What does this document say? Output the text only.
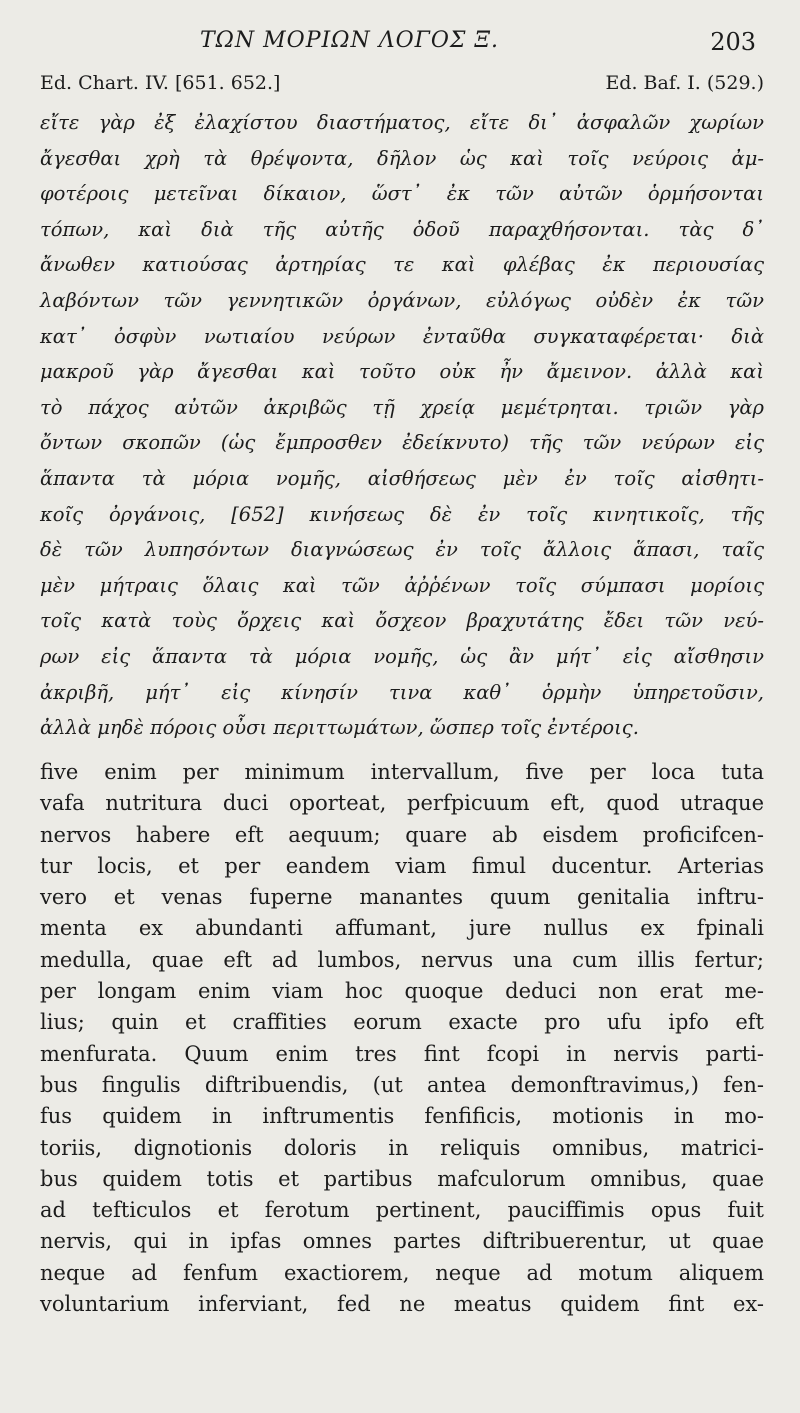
ΤΩΝ ΜΟΡΙΩΝ ΛΟΓΟΣ Ξ.	203
Ed. Chart. IV. [651. 652.]	Ed. Baf. I. (529.)
εἴτε γὰρ ἐξ ἐλαχίστου διαστήματος, εἴτε δι᾽ ἀσφαλῶν χωρίων
ἄγεσθαι χρὴ τὰ θρέψοντα, δῆλον ὡς καὶ τοῖς νεύροις ἀμ-
φοτέροις μετεῖναι δίκαιον, ὥστ᾽ ἐκ τῶν αὐτῶν ὁρμήσονται
τόπων, καὶ διὰ τῆς αὐτῆς ὁδοῦ παραχθήσονται. τὰς δ᾽
ἄνωθεν κατιούσας ἀρτηρίας τε καὶ φλέβας ἐκ περιουσίας
λαβόντων τῶν γεννητικῶν ὀργάνων, εὐλόγως οὐδὲν ἐκ τῶν
κατ᾽ ὀσφὺν νωτιαίου νεύρων ἐνταῦθα συγκαταφέρεται· διὰ
μακροῦ γὰρ ἄγεσθαι καὶ τοῦτο οὐκ ἦν ἄμεινον. ἀλλὰ καὶ
τὸ πάχος αὐτῶν ἀκριβῶς τῇ χρείᾳ μεμέτρηται. τριῶν γὰρ
ὄντων σκοπῶν (ὡς ἔμπροσθεν ἐδείκνυτο) τῆς τῶν νεύρων εἰς
ἅπαντα τὰ μόρια νομῆς, αἰσθήσεως μὲν ἐν τοῖς αἰσθητι-
κοῖς ὀργάνοις, [652] κινήσεως δὲ ἐν τοῖς κινητικοῖς, τῆς
δὲ τῶν λυπησόντων διαγνώσεως ἐν τοῖς ἄλλοις ἅπασι, ταῖς
μὲν μήτραις ὅλαις καὶ τῶν ἀῤῥένων τοῖς σύμπασι μορίοις
τοῖς κατὰ τοὺς ὄρχεις καὶ ὄσχεον βραχυτάτης ἔδει τῶν νεύ-
ρων εἰς ἅπαντα τὰ μόρια νομῆς, ὡς ἂν μήτ᾽ εἰς αἴσθησιν
ἀκριβῆ, μήτ᾽ εἰς κίνησίν τινα καθ᾽ ὁρμὴν ὑπηρετοῦσιν,
ἀλλὰ μηδὲ πόροις οὖσι περιττωμάτων, ὥσπερ τοῖς ἐντέροις.
five enim per minimum intervallum, five per loca tuta
vafa nutritura duci oporteat, perfpicuum eft, quod utraque
nervos habere eft aequum; quare ab eisdem proficifcen-
tur locis, et per eandem viam fimul ducentur. Arterias
vero et venas fuperne manantes quum genitalia inftru-
menta ex abundanti affumant, jure nullus ex fpinali
medulla, quae eft ad lumbos, nervus una cum illis fertur;
per longam enim viam hoc quoque deduci non erat me-
lius; quin et craffities eorum exacte pro ufu ipfo eft
menfurata. Quum enim tres fint fcopi in nervis parti-
bus fingulis diftribuendis, (ut antea demonftravimus,) fen-
fus quidem in inftrumentis fenfificis, motionis in mo-
toriis, dignotionis doloris in reliquis omnibus, matrici-
bus quidem totis et partibus mafculorum omnibus, quae
ad tefticulos et ferotum pertinent, pauciffimis opus fuit
nervis, qui in ipfas omnes partes diftribuerentur, ut quae
neque ad fenfum exactiorem, neque ad motum aliquem
voluntarium inferviant, fed ne meatus quidem fint ex-
